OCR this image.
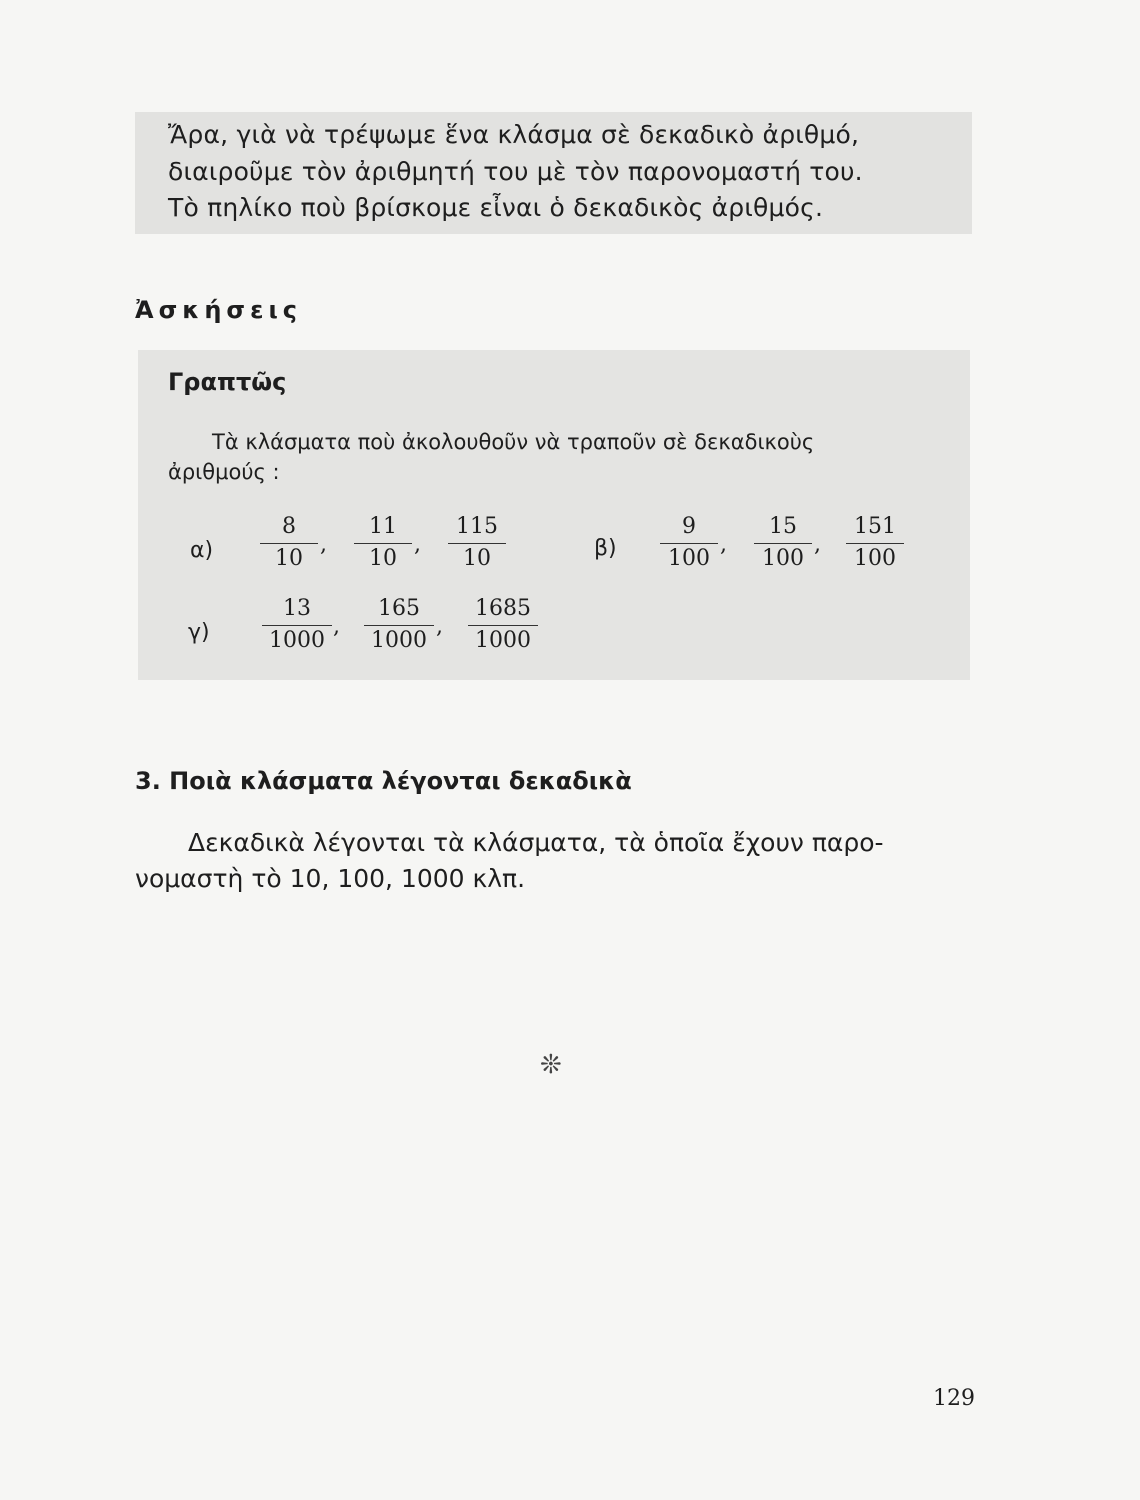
Ἄρα, γιὰ νὰ τρέψωμε ἕνα κλάσμα σὲ δεκαδικὸ ἀριθμό,
διαιροῦμε τὸν ἀριθμητή του μὲ τὸν παρονομαστή του.
Τὸ πηλίκο ποὺ βρίσκομε εἶναι ὁ δεκαδικὸς ἀριθμός.
Ἀσκήσεις
Γραπτῶς
Τὰ κλάσματα ποὺ ἀκολουθοῦν νὰ τραποῦν σὲ δεκαδικοὺς
ἀριθμούς :
α)
8
10
,
11
10
,
115
10	β)
9
100
,
15
100
,
151
100
γ)
13
1000
,
165
1000
,
1685
1000
3. Ποιὰ κλάσματα λέγονται δεκαδικὰ
Δεκαδικὰ λέγονται τὰ κλάσματα, τὰ ὁποῖα ἔχουν παρο-
νομαστὴ τὸ 10, 100, 1000 κλπ.
❊
129
